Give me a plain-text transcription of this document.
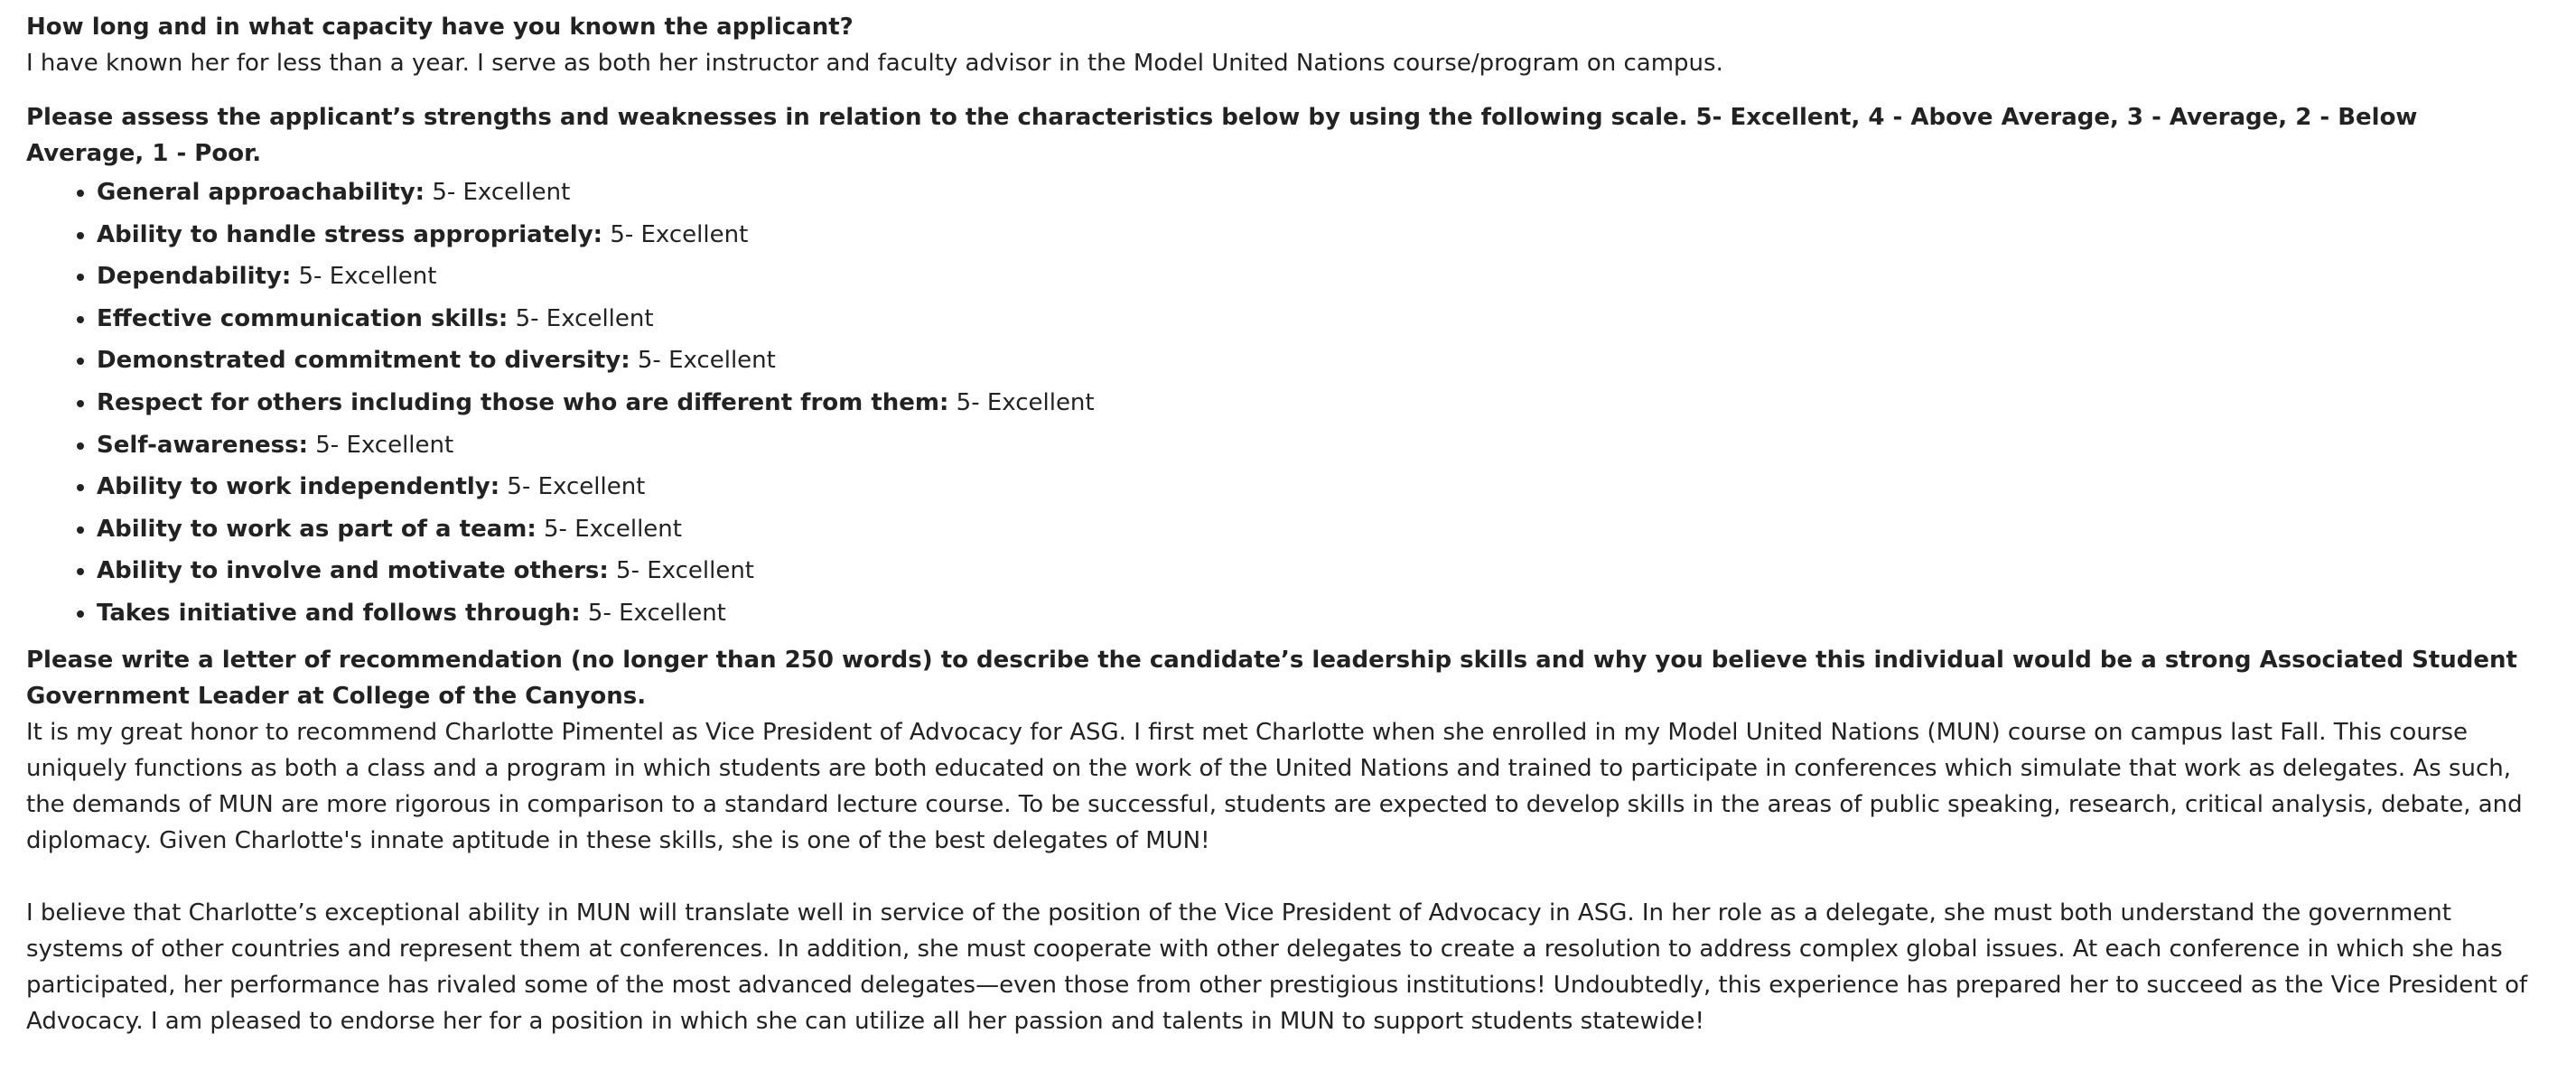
How long and in what capacity have you known the applicant?

I have known her for less than a year. I serve as both her instructor and faculty advisor in the Model United Nations course/program on campus.

Please assess the applicant’s strengths and weaknesses in relation to the characteristics below by using the following scale. 5- Excellent, 4 - Above Average, 3 - Average, 2 - Below Average, 1 - Poor.

• General approachability: 5- Excellent
• Ability to handle stress appropriately: 5- Excellent
• Dependability: 5- Excellent
• Effective communication skills: 5- Excellent
• Demonstrated commitment to diversity: 5- Excellent
• Respect for others including those who are different from them: 5- Excellent
• Self-awareness: 5- Excellent
• Ability to work independently: 5- Excellent
• Ability to work as part of a team: 5- Excellent
• Ability to involve and motivate others: 5- Excellent
• Takes initiative and follows through: 5- Excellent

Please write a letter of recommendation (no longer than 250 words) to describe the candidate’s leadership skills and why you believe this individual would be a strong Associated Student Government Leader at College of the Canyons.

It is my great honor to recommend Charlotte Pimentel as Vice President of Advocacy for ASG. I first met Charlotte when she enrolled in my Model United Nations (MUN) course on campus last Fall. This course uniquely functions as both a class and a program in which students are both educated on the work of the United Nations and trained to participate in conferences which simulate that work as delegates. As such, the demands of MUN are more rigorous in comparison to a standard lecture course. To be successful, students are expected to develop skills in the areas of public speaking, research, critical analysis, debate, and diplomacy. Given Charlotte's innate aptitude in these skills, she is one of the best delegates of MUN!

I believe that Charlotte’s exceptional ability in MUN will translate well in service of the position of the Vice President of Advocacy in ASG. In her role as a delegate, she must both understand the government systems of other countries and represent them at conferences. In addition, she must cooperate with other delegates to create a resolution to address complex global issues. At each conference in which she has participated, her performance has rivaled some of the most advanced delegates—even those from other prestigious institutions! Undoubtedly, this experience has prepared her to succeed as the Vice President of Advocacy. I am pleased to endorse her for a position in which she can utilize all her passion and talents in MUN to support students statewide!
